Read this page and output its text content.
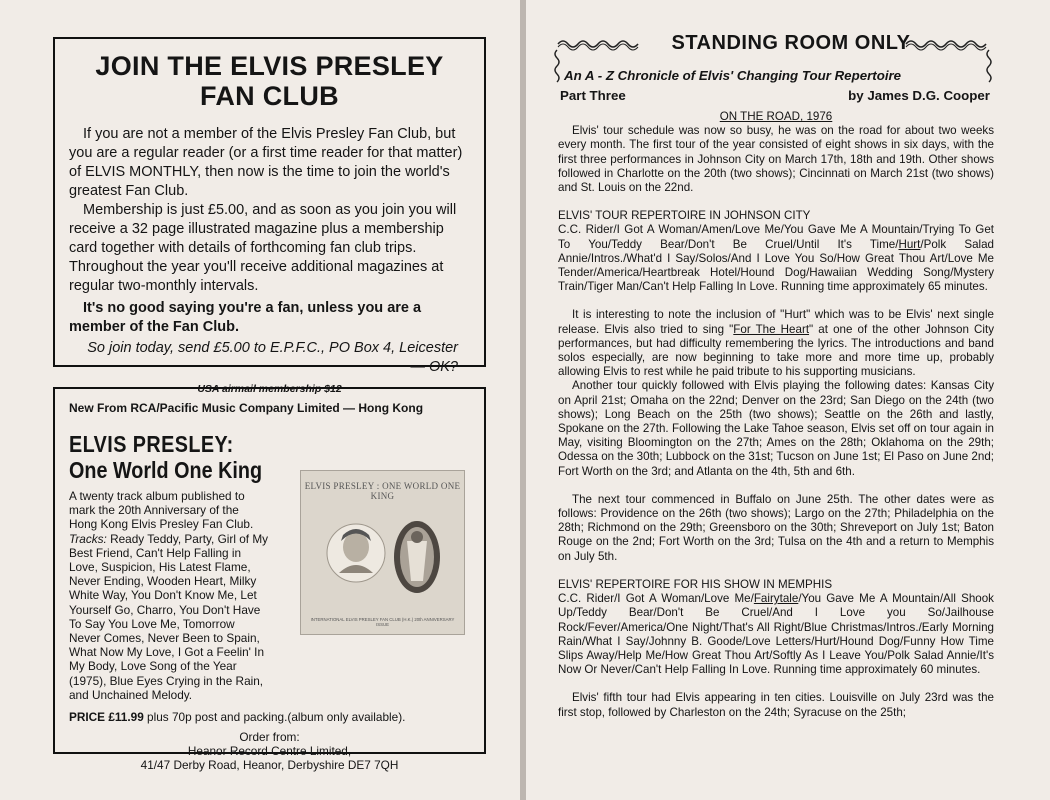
JOIN THE ELVIS PRESLEY
FAN CLUB

If you are not a member of the Elvis Presley Fan Club, but you are a regular reader (or a first time reader for that matter) of ELVIS MONTHLY, then now is the time to join the world's greatest Fan Club.

Membership is just £5.00, and as soon as you join you will receive a 32 page illustrated magazine plus a membership card together with details of forthcoming fan club trips. Throughout the year you'll receive additional magazines at regular two-monthly intervals.

It's no good saying you're a fan, unless you are a member of the Fan Club.

So join today, send £5.00 to E.P.F.C., PO Box 4, Leicester — OK?

USA airmail membership $12

New From RCA/Pacific Music Company Limited — Hong Kong

ELVIS PRESLEY:

One World One King

A twenty track album published to mark the 20th Anniversary of the Hong Kong Elvis Presley Fan Club. Tracks: Ready Teddy, Party, Girl of My Best Friend, Can't Help Falling in Love, Suspicion, His Latest Flame, Never Ending, Wooden Heart, Milky White Way, You Don't Know Me, Let Yourself Go, Charro, You Don't Have To Say You Love Me, Tomorrow Never Comes, Never Been to Spain, What Now My Love, I Got a Feelin' In My Body, Love Song of the Year (1975), Blue Eyes Crying in the Rain, and Unchained Melody.

PRICE £11.99 plus 70p post and packing.(album only available).

Order from:
Heanor Record Centre Limited,
41/47 Derby Road, Heanor, Derbyshire DE7 7QH

ELVIS PRESLEY : ONE WORLD ONE KING
INTERNATIONAL ELVIS PRESLEY FAN CLUB (H.K.) 20th ANNIVERSARY ISSUE
STANDING ROOM ONLY
An A - Z Chronicle of Elvis' Changing Tour Repertoire
Part Three	by James D.G. Cooper

ON THE ROAD, 1976

Elvis' tour schedule was now so busy, he was on the road for about two weeks every month. The first tour of the year consisted of eight shows in six days, with the first three performances in Johnson City on March 17th, 18th and 19th. Other shows followed in Charlotte on the 20th (two shows); Cincinnati on March 21st (two shows) and St. Louis on the 22nd.

ELVIS' TOUR REPERTOIRE IN JOHNSON CITY

C.C. Rider/I Got A Woman/Amen/Love Me/You Gave Me A Mountain/Trying To Get To You/Teddy Bear/Don't Be Cruel/Until It's Time/Hurt/Polk Salad Annie/Intros./What'd I Say/Solos/And I Love You So/How Great Thou Art/Love Me Tender/America/Heartbreak Hotel/Hound Dog/Hawaiian Wedding Song/Mystery Train/Tiger Man/Can't Help Falling In Love. Running time approximately 65 minutes.

It is interesting to note the inclusion of "Hurt" which was to be Elvis' next single release. Elvis also tried to sing "For The Heart" at one of the other Johnson City performances, but had difficulty remembering the lyrics. The introductions and band solos especially, are now beginning to take more and more time up, probably allowing Elvis to rest while he paid tribute to his supporting musicians.

Another tour quickly followed with Elvis playing the following dates: Kansas City on April 21st; Omaha on the 22nd; Denver on the 23rd; San Diego on the 24th (two shows); Long Beach on the 25th (two shows); Seattle on the 26th and lastly, Spokane on the 27th. Following the Lake Tahoe season, Elvis set off on tour again in May, visiting Bloomington on the 27th; Ames on the 28th; Oklahoma on the 29th; Odessa on the 30th; Lubbock on the 31st; Tucson on June 1st; El Paso on June 2nd; Fort Worth on the 3rd; and Atlanta on the 4th, 5th and 6th.

The next tour commenced in Buffalo on June 25th. The other dates were as follows: Providence on the 26th (two shows); Largo on the 27th; Philadelphia on the 28th; Richmond on the 29th; Greensboro on the 30th; Shreveport on July 1st; Baton Rouge on the 2nd; Fort Worth on the 3rd; Tulsa on the 4th and a return to Memphis on July 5th.

ELVIS' REPERTOIRE FOR HIS SHOW IN MEMPHIS

C.C. Rider/I Got A Woman/Love Me/Fairytale/You Gave Me A Mountain/All Shook Up/Teddy Bear/Don't Be Cruel/And I Love you So/Jailhouse Rock/Fever/America/One Night/That's All Right/Blue Christmas/Intros./Early Morning Rain/What I Say/Johnny B. Goode/Love Letters/Hurt/Hound Dog/Funny How Time Slips Away/Help Me/How Great Thou Art/Softly As I Leave You/Polk Salad Annie/It's Now Or Never/Can't Help Falling In Love. Running time approximately 60 minutes.

Elvis' fifth tour had Elvis appearing in ten cities. Louisville on July 23rd was the first stop, followed by Charleston on the 24th; Syracuse on the 25th;
